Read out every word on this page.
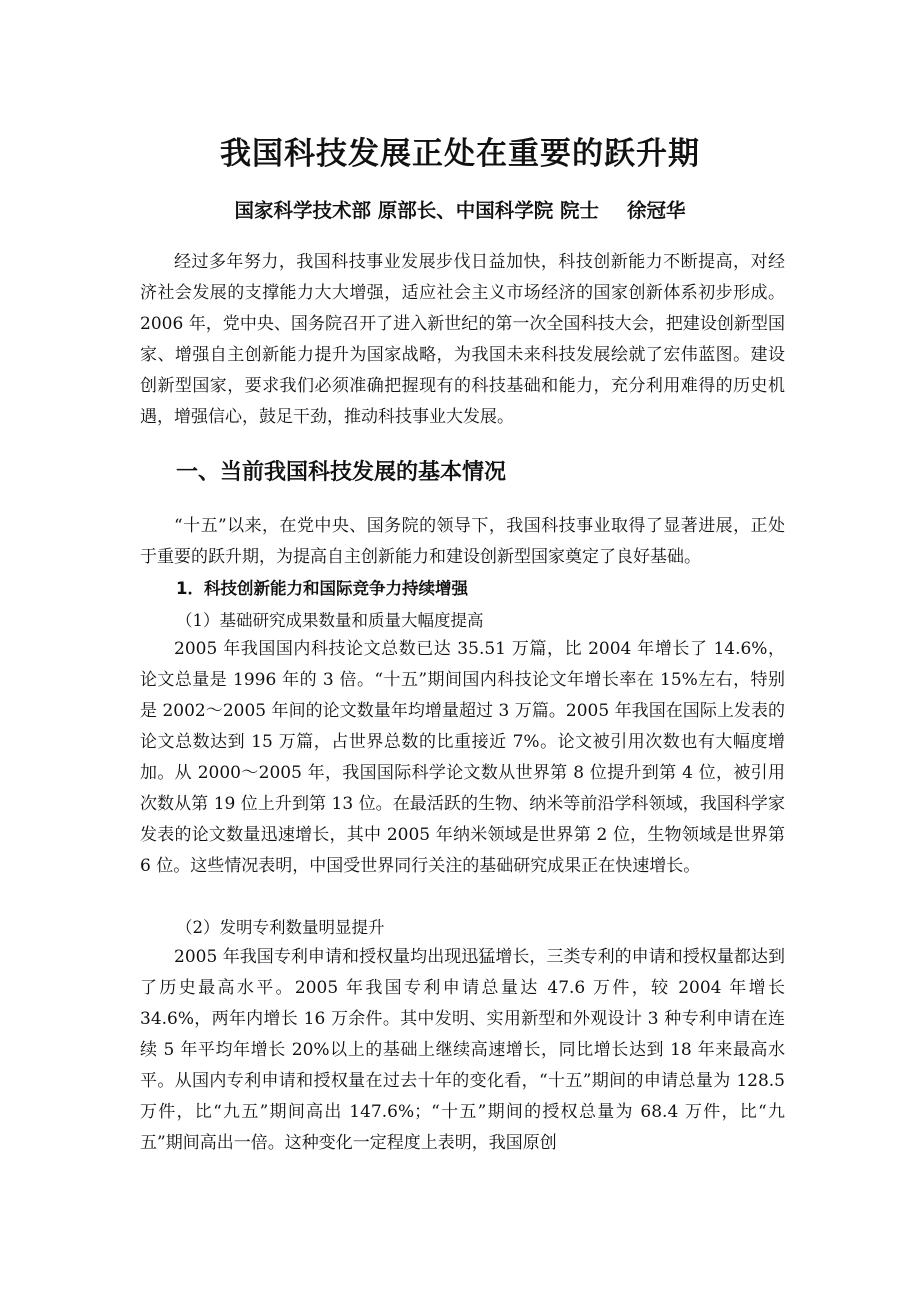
我国科技发展正处在重要的跃升期

国家科学技术部 原部长、中国科学院 院士 徐冠华

经过多年努力，我国科技事业发展步伐日益加快，科技创新能力不断提高，对经济社会发展的支撑能力大大增强，适应社会主义市场经济的国家创新体系初步形成。2006 年，党中央、国务院召开了进入新世纪的第一次全国科技大会，把建设创新型国家、增强自主创新能力提升为国家战略，为我国未来科技发展绘就了宏伟蓝图。建设创新型国家，要求我们必须准确把握现有的科技基础和能力，充分利用难得的历史机遇，增强信心，鼓足干劲，推动科技事业大发展。

一、当前我国科技发展的基本情况

“十五”以来，在党中央、国务院的领导下，我国科技事业取得了显著进展，正处于重要的跃升期，为提高自主创新能力和建设创新型国家奠定了良好基础。

1．科技创新能力和国际竞争力持续增强

（1）基础研究成果数量和质量大幅度提高

2005 年我国国内科技论文总数已达 35.51 万篇，比 2004 年增长了 14.6%，论文总量是 1996 年的 3 倍。“十五”期间国内科技论文年增长率在 15%左右，特别是 2002～2005 年间的论文数量年均增量超过 3 万篇。2005 年我国在国际上发表的论文总数达到 15 万篇，占世界总数的比重接近 7%。论文被引用次数也有大幅度增加。从 2000～2005 年，我国国际科学论文数从世界第 8 位提升到第 4 位，被引用次数从第 19 位上升到第 13 位。在最活跃的生物、纳米等前沿学科领域，我国科学家发表的论文数量迅速增长，其中 2005 年纳米领域是世界第 2 位，生物领域是世界第 6 位。这些情况表明，中国受世界同行关注的基础研究成果正在快速增长。

（2）发明专利数量明显提升

2005 年我国专利申请和授权量均出现迅猛增长，三类专利的申请和授权量都达到了历史最高水平。2005 年我国专利申请总量达 47.6 万件，较 2004 年增长 34.6%，两年内增长 16 万余件。其中发明、实用新型和外观设计 3 种专利申请在连续 5 年平均年增长 20%以上的基础上继续高速增长，同比增长达到 18 年来最高水平。从国内专利申请和授权量在过去十年的变化看，“十五”期间的申请总量为 128.5 万件，比“九五”期间高出 147.6%；“十五”期间的授权总量为 68.4 万件，比“九五”期间高出一倍。这种变化一定程度上表明，我国原创
